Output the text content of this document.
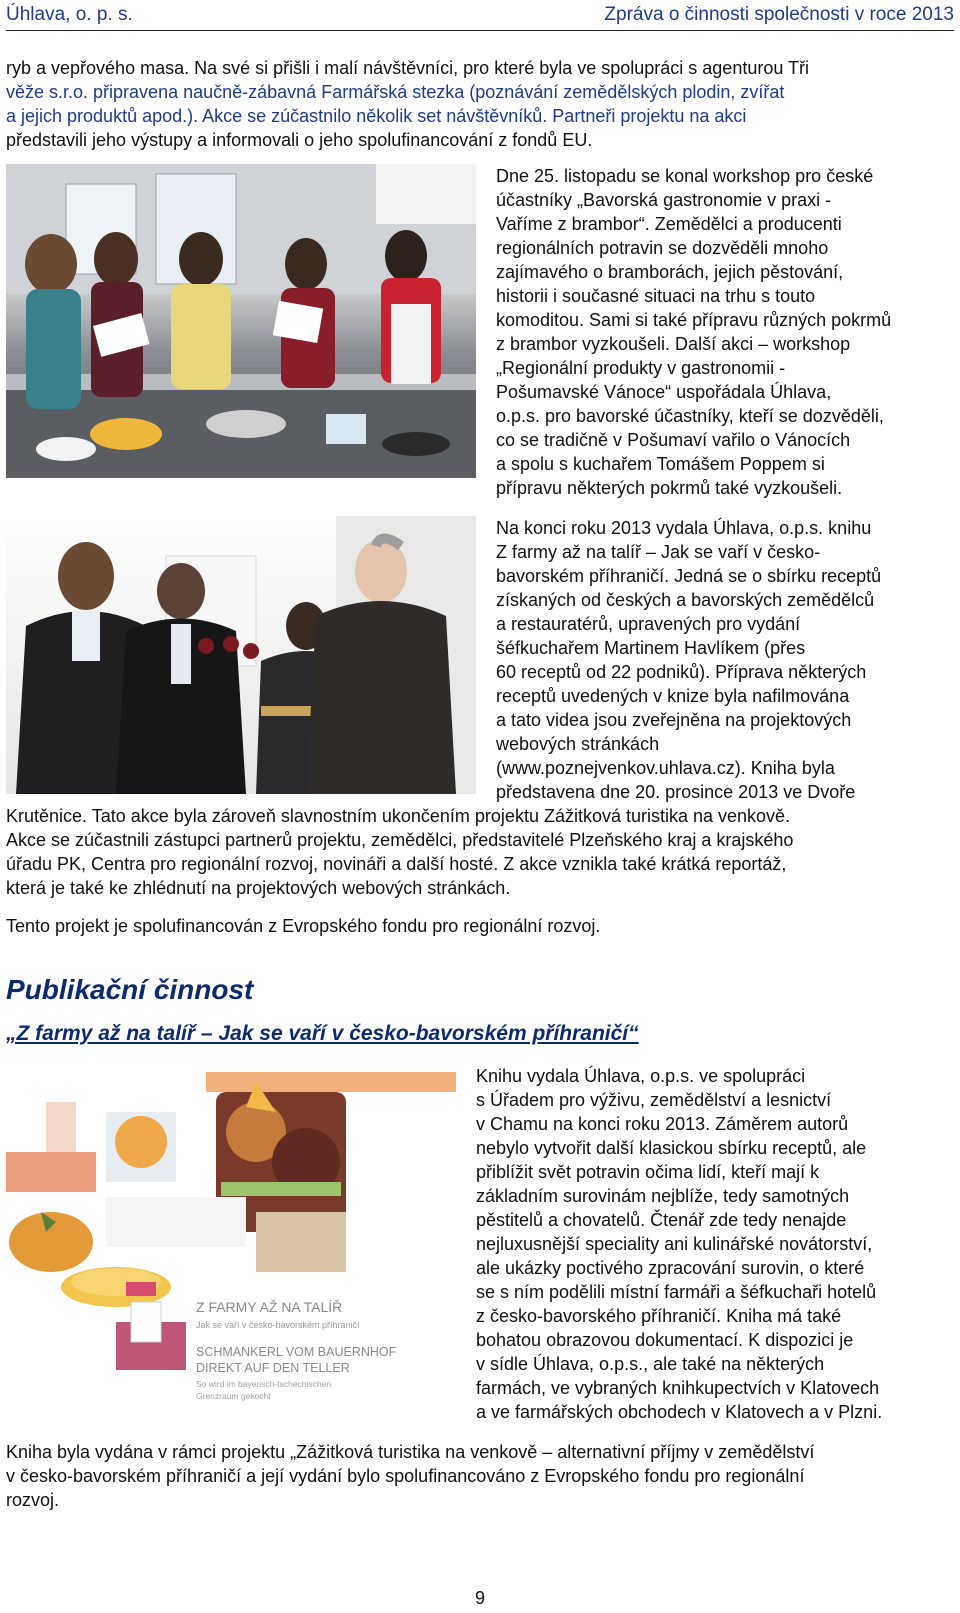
Úhlava, o. p. s.	Zpráva o činnosti společnosti v roce 2013

ryb a vepřového masa. Na své si přišli i malí návštěvníci, pro které byla ve spolupráci s agenturou Tři
věže s.r.o. připravena naučně-zábavná Farmářská stezka (poznávání zemědělských plodin, zvířat
a jejich produktů apod.). Akce se zúčastnilo několik set návštěvníků. Partneři projektu na akci
představili jeho výstupy a informovali o jeho spolufinancování z fondů EU.

Dne 25. listopadu se konal workshop pro české
účastníky „Bavorská gastronomie v praxi -
Vaříme z brambor“. Zemědělci a producenti
regionálních potravin se dozvěděli mnoho
zajímavého o bramborách, jejich pěstování,
historii i současné situaci na trhu s touto
komoditou. Sami si také přípravu různých pokrmů
z brambor vyzkoušeli. Další akci – workshop
„Regionální produkty v gastronomii -
Pošumavské Vánoce“ uspořádala Úhlava,
o.p.s. pro bavorské účastníky, kteří se dozvěděli,
co se tradičně v Pošumaví vařilo o Vánocích
a spolu s kuchařem Tomášem Poppem si
přípravu některých pokrmů také vyzkoušeli.

Na konci roku 2013 vydala Úhlava, o.p.s. knihu
Z farmy až na talíř – Jak se vaří v česko-
bavorském příhraničí. Jedná se o sbírku receptů
získaných od českých a bavorských zemědělců
a restauratérů, upravených pro vydání
šéfkuchařem Martinem Havlíkem (přes
60 receptů od 22 podniků). Příprava některých
receptů uvedených v knize byla nafilmována
a tato videa jsou zveřejněna na projektových
webových stránkách
(www.poznejvenkov.uhlava.cz). Kniha byla
představena dne 20. prosince 2013 ve Dvoře

Krutěnice. Tato akce byla zároveň slavnostním ukončením projektu Zážitková turistika na venkově.
Akce se zúčastnili zástupci partnerů projektu, zemědělci, představitelé Plzeňského kraj a krajského
úřadu PK, Centra pro regionální rozvoj, novináři a další hosté. Z akce vznikla také krátká reportáž,
která je také ke zhlédnutí na projektových webových stránkách.

Tento projekt je spolufinancován z Evropského fondu pro regionální rozvoj.

Publikační činnost
„Z farmy až na talíř – Jak se vaří v česko-bavorském příhraničí“
Z FARMY AŽ NA TALÍŘ
Jak se vaří v česko-bavorském příhraničí
SCHMANKERL VOM BAUERNHOF
DIREKT AUF DEN TELLER
So wird im bayerisch-tschechischen
Grenzraum gekocht

Knihu vydala Úhlava, o.p.s. ve spolupráci
s Úřadem pro výživu, zemědělství a lesnictví
v Chamu na konci roku 2013. Záměrem autorů
nebylo vytvořit další klasickou sbírku receptů, ale
přiblížit svět potravin očima lidí, kteří mají k
základním surovinám nejblíže, tedy samotných
pěstitelů a chovatelů. Čtenář zde tedy nenajde
nejluxusnější speciality ani kulinářské novátorství,
ale ukázky poctivého zpracování surovin, o které
se s ním podělili místní farmáři a šéfkuchaři hotelů
z česko-bavorského příhraničí. Kniha má také
bohatou obrazovou dokumentací. K dispozici je
v sídle Úhlava, o.p.s., ale také na některých
farmách, ve vybraných knihkupectvích v Klatovech
a ve farmářských obchodech v Klatovech a v Plzni.

Kniha byla vydána v rámci projektu „Zážitková turistika na venkově – alternativní příjmy v zemědělství
v česko-bavorském příhraničí a její vydání bylo spolufinancováno z Evropského fondu pro regionální
rozvoj.

9
